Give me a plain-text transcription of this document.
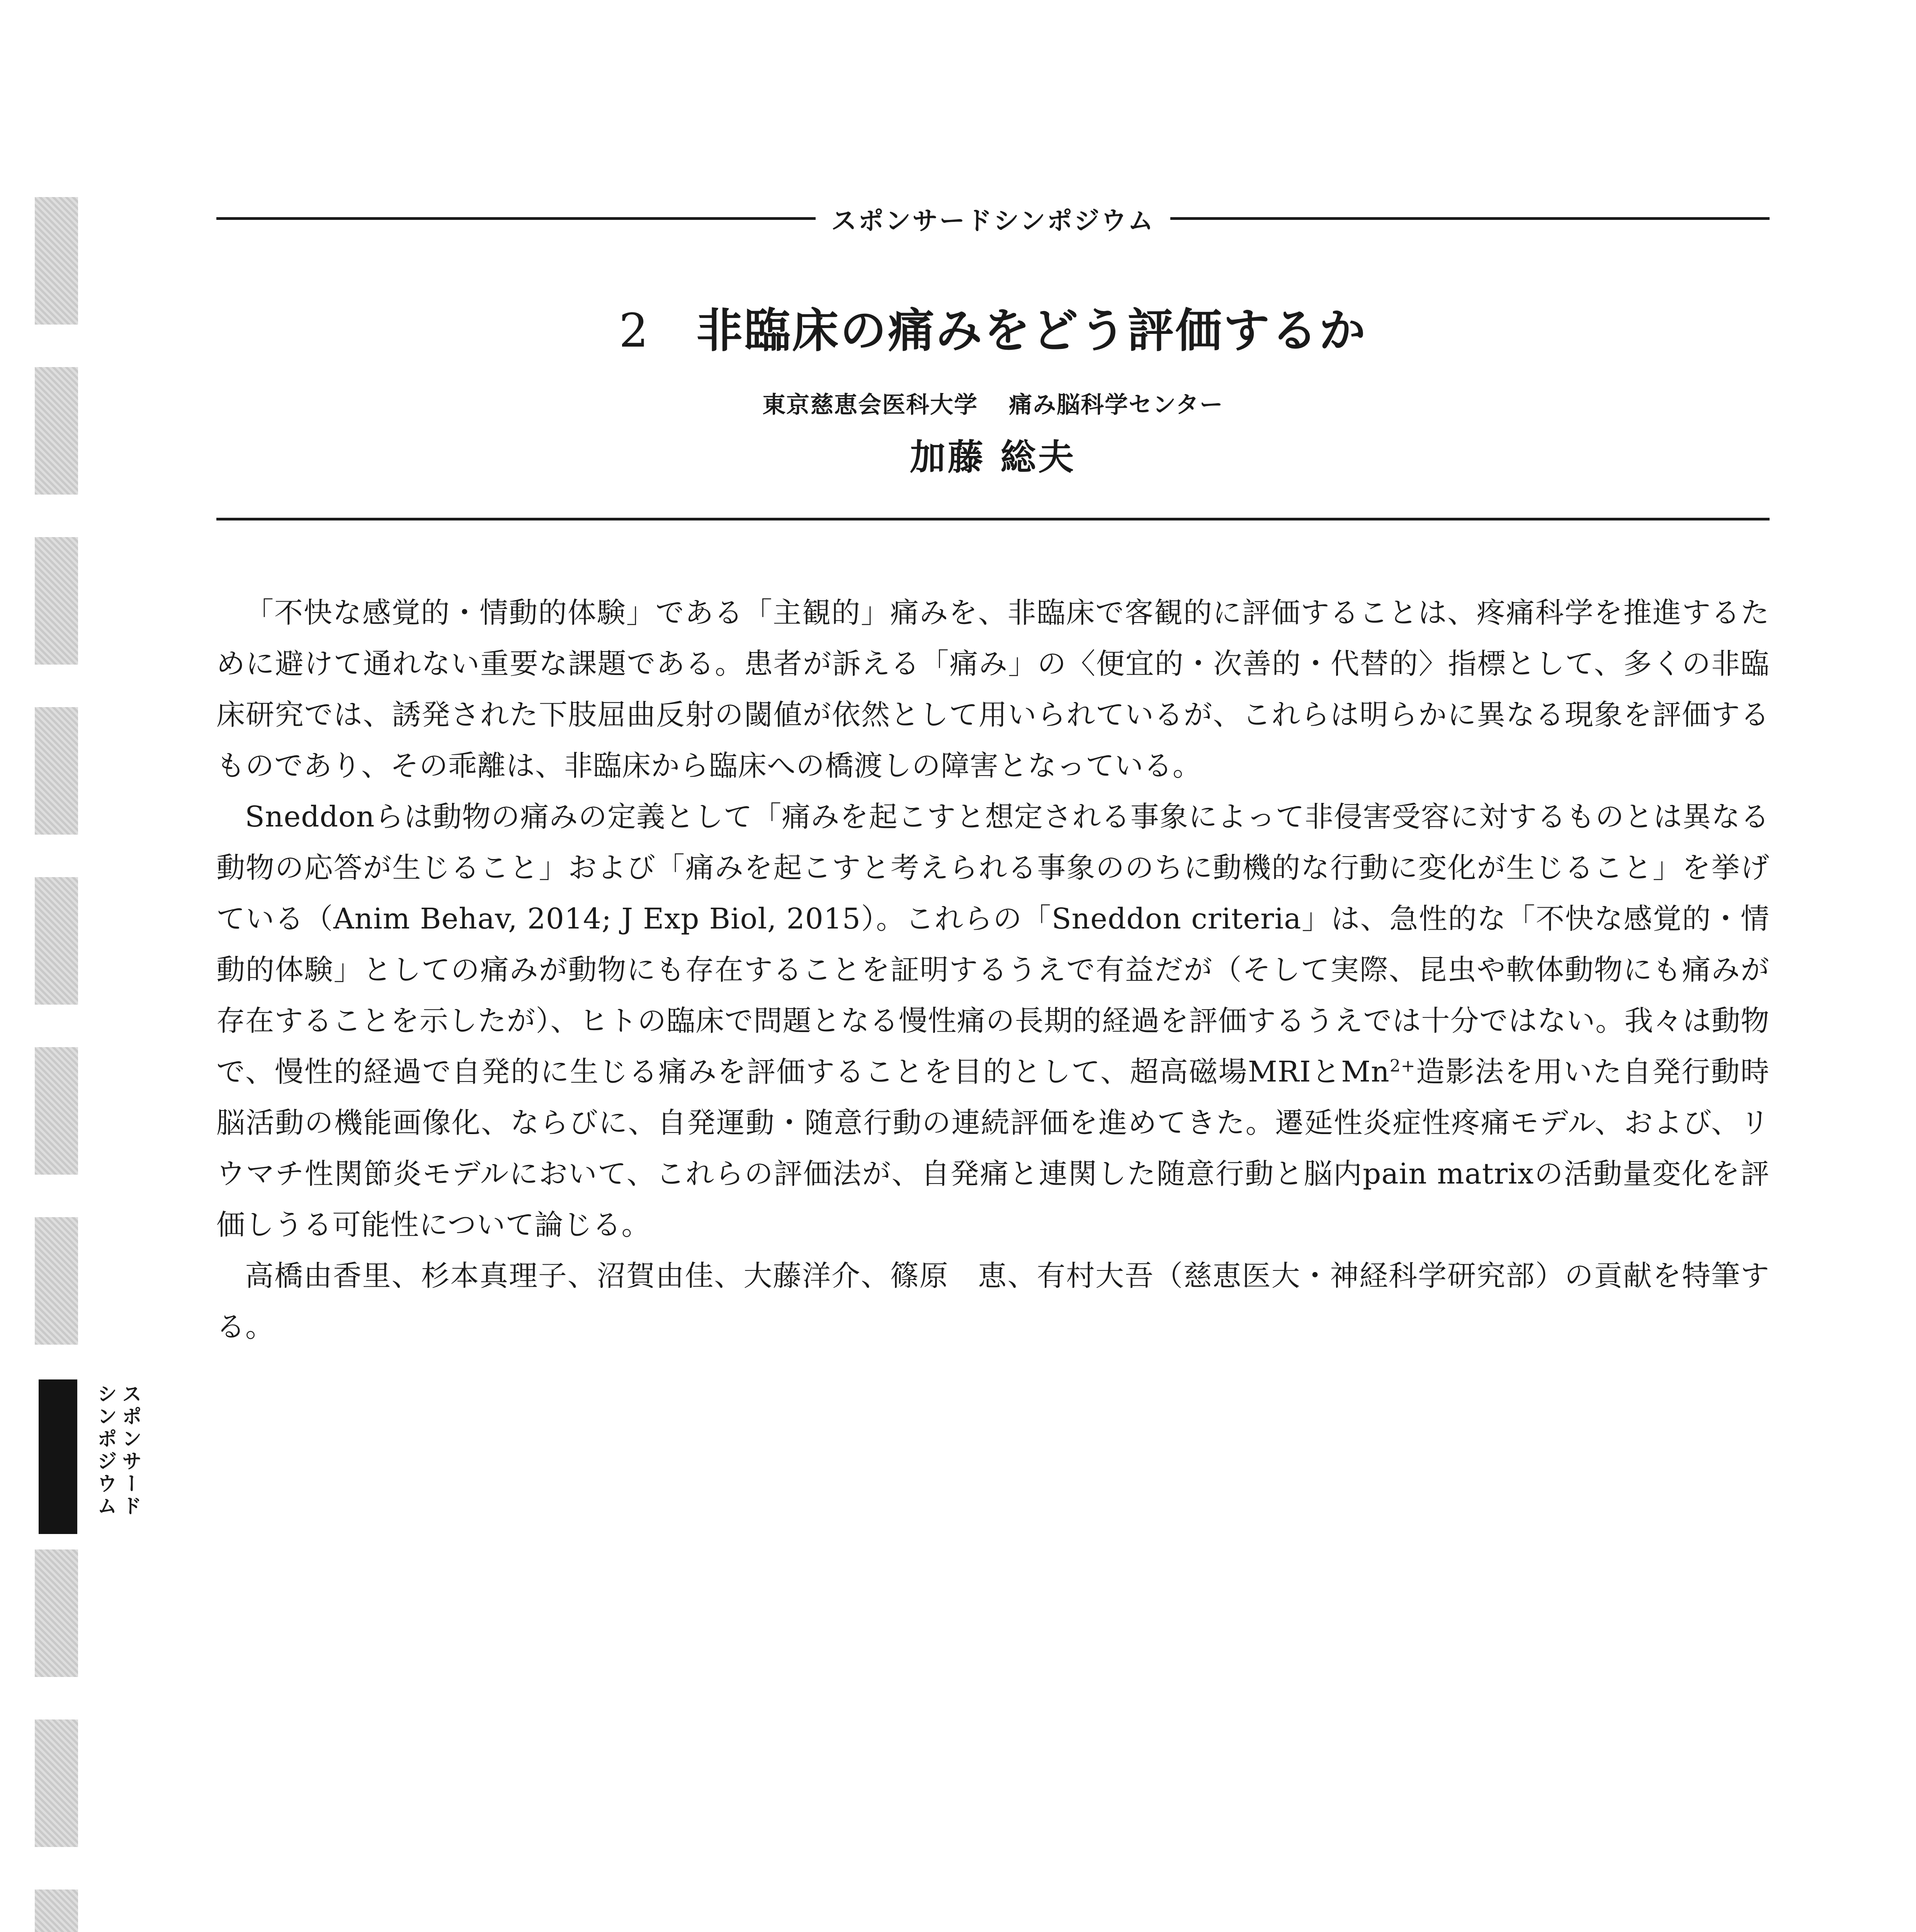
スポンサードシンポジウム
スポンサードシンポジウム
2 非臨床の痛みをどう評価するか
東京慈恵会医科大学 痛み脳科学センター
加藤 総夫

「不快な感覚的・情動的体験」である「主観的」痛みを、非臨床で客観的に評価することは、疼痛科学を推進するために避けて通れない重要な課題である。患者が訴える「痛み」の〈便宜的・次善的・代替的〉指標として、多くの非臨床研究では、誘発された下肢屈曲反射の閾値が依然として用いられているが、これらは明らかに異なる現象を評価するものであり、その乖離は、非臨床から臨床への橋渡しの障害となっている。

Sneddonらは動物の痛みの定義として「痛みを起こすと想定される事象によって非侵害受容に対するものとは異なる動物の応答が生じること」および「痛みを起こすと考えられる事象ののちに動機的な行動に変化が生じること」を挙げている（Anim Behav, 2014; J Exp Biol, 2015）。これらの「Sneddon criteria」は、急性的な「不快な感覚的・情動的体験」としての痛みが動物にも存在することを証明するうえで有益だが（そして実際、昆虫や軟体動物にも痛みが存在することを示したが）、ヒトの臨床で問題となる慢性痛の長期的経過を評価するうえでは十分ではない。我々は動物で、慢性的経過で自発的に生じる痛みを評価することを目的として、超高磁場MRIと$Mn^{2+}$造影法を用いた自発行動時脳活動の機能画像化、ならびに、自発運動・随意行動の連続評価を進めてきた。遷延性炎症性疼痛モデル、および、リウマチ性関節炎モデルにおいて、これらの評価法が、自発痛と連関した随意行動と脳内pain matrixの活動量変化を評価しうる可能性について論じる。

高橋由香里、杉本真理子、沼賀由佳、大藤洋介、篠原　恵、有村大吾（慈恵医大・神経科学研究部）の貢献を特筆する。
